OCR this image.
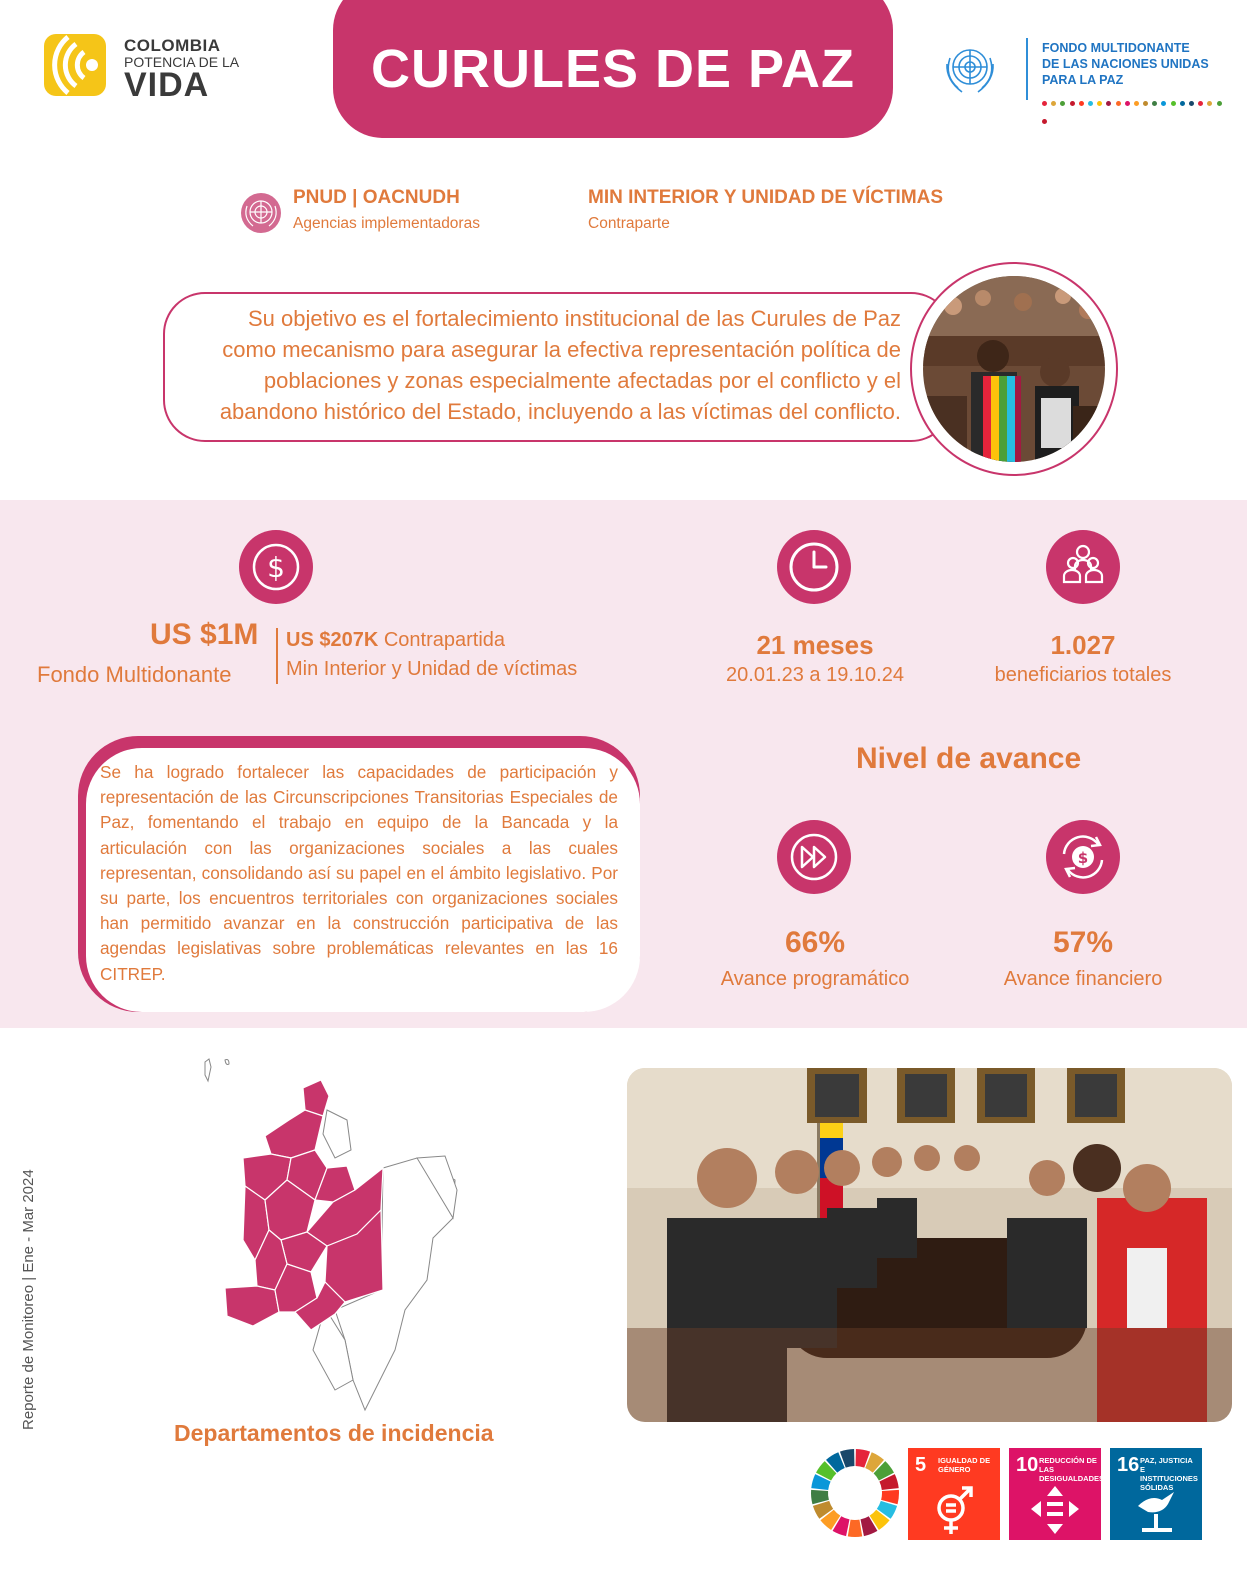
COLOMBIA
POTENCIA DE LA
VIDA	CURULES DE PAZ	FONDO MULTIDONANTE
DE LAS NACIONES UNIDAS
PARA LA PAZ
PNUD | OACNUDH
Agencias implementadoras
MIN INTERIOR Y UNIDAD DE VÍCTIMAS
Contraparte
Su objetivo es el fortalecimiento institucional de las Curules de Paz
como mecanismo para asegurar la efectiva representación política de
poblaciones y zonas especialmente afectadas por el conflicto y el
abandono histórico del Estado, incluyendo a las víctimas del conflicto.
$
US $1M
Fondo Multidonante
US $207K Contrapartida
Min Interior y Unidad de víctimas
21 meses
20.01.23 a 19.10.24
1.027
beneficiarios totales
Se ha logrado fortalecer las capacidades de participación y representación de las Circunscripciones Transitorias Especiales de Paz, fomentando el trabajo en equipo de la Bancada y la articulación con las organizaciones sociales a las cuales representan, consolidando así su papel en el ámbito legislativo. Por su parte, los encuentros territoriales con organizaciones sociales han permitido avanzar en la construcción participativa de las agendas legislativas sobre problemáticas relevantes en las 16 CITREP.
Nivel de avance
$
66%
Avance programático
57%
Avance financiero
Reporte de Monitoreo | Ene - Mar 2024
Departamentos de incidencia
5 IGUALDAD DE GÉNERO	10 REDUCCIÓN DE LAS DESIGUALDADES
16 PAZ, JUSTICIA E INSTITUCIONES SÓLIDAS
